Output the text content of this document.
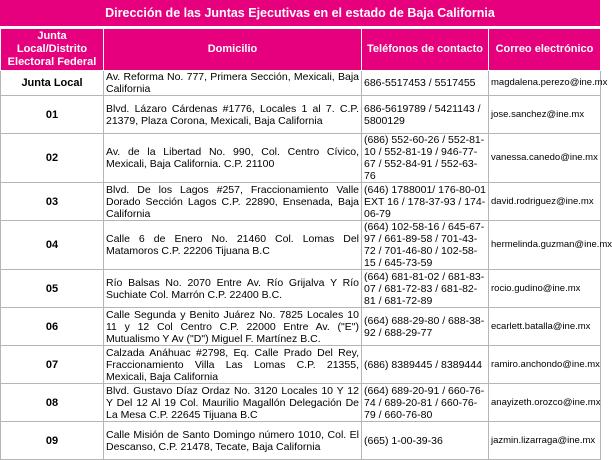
Dirección de las Juntas Ejecutivas en el estado de Baja California
Junta Local/Distrito Electoral Federal	Domicilio	Teléfonos de contacto	Correo electrónico
Junta Local	Av. Reforma No. 777, Primera Sección, Mexicali, Baja California	686-5517453 / 5517455	magdalena.perezo@ine.mx
01	Blvd. Lázaro Cárdenas #1776, Locales 1 al 7. C.P. 21379, Plaza Corona, Mexicali, Baja California	686-5619789 / 5421143 / 5800129	jose.sanchez@ine.mx
02	Av. de la Libertad No. 990, Col. Centro Cívico, Mexicali, Baja California. C.P. 21100	(686) 552-60-26 / 552-81-10 / 552-81-19 / 946-77-67 / 552-84-91 / 552-63-76	vanessa.canedo@ine.mx
03	Blvd. De los Lagos #257, Fraccionamiento Valle Dorado Sección Lagos C.P. 22890, Ensenada, Baja California	(646) 1788001/ 176-80-01 EXT 16 / 178-37-93 / 174-06-79	david.rodriguez@ine.mx
04	Calle 6 de Enero No. 21460 Col. Lomas Del Matamoros C.P. 22206 Tijuana B.C	(664) 102-58-16 / 645-67-97 / 661-89-58 / 701-43-72 / 701-46-80 / 102-58-15 / 645-73-59	hermelinda.guzman@ine.mx
05	Río Balsas No. 2070 Entre Av. Río Grijalva Y Río Suchiate Col. Marrón C.P. 22400 B.C.	(664) 681-81-02 / 681-83-07 / 681-72-83 / 681-82-81 / 681-72-89	rocio.gudino@ine.mx
06	Calle Segunda y Benito Juárez No. 7825 Locales 10 11 y 12 Col Centro C.P. 22000 Entre Av. ("E") Mutualismo Y Av ("D") Miguel F. Martínez B.C.	(664) 688-29-80 / 688-38-92 / 688-29-77	ecarlett.batalla@ine.mx
07	Calzada Anáhuac #2798, Eq. Calle Prado Del Rey, Fraccionamiento Villa Las Lomas C.P. 21355, Mexicali, Baja California	(686) 8389445 / 8389444	ramiro.anchondo@ine.mx
08	Blvd. Gustavo Díaz Ordaz No. 3120 Locales 10 Y 12 Y Del 12 Al 19 Col. Maurilio Magallón Delegación De La Mesa C.P. 22645 Tijuana B.C	(664) 689-20-91 / 660-76-74 / 689-20-81 / 660-76-79 / 660-76-80	anayizeth.orozco@ine.mx
09	Calle Misión de Santo Domingo número 1010, Col. El Descanso, C.P. 21478, Tecate, Baja California	(665) 1-00-39-36	jazmin.lizarraga@ine.mx
